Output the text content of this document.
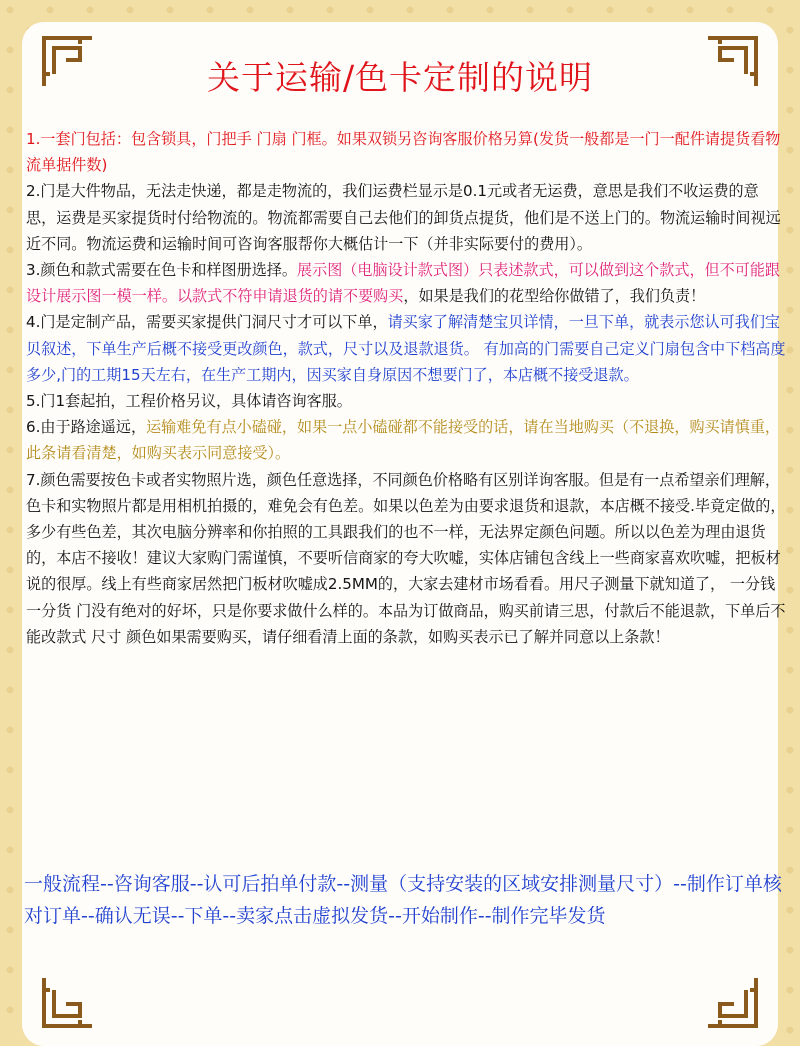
关于运输/色卡定制的说明

1.一套门包括：包含锁具，门把手 门扇 门框。如果双锁另咨询客服价格另算(发货一般都是一门一配件请提货看物流单据件数)

2.门是大件物品，无法走快递，都是走物流的，我们运费栏显示是0.1元或者无运费，意思是我们不收运费的意思，运费是买家提货时付给物流的。物流都需要自己去他们的卸货点提货，他们是不送上门的。物流运输时间视远近不同。物流运费和运输时间可咨询客服帮你大概估计一下（并非实际要付的费用）。

3.颜色和款式需要在色卡和样图册选择。展示图（电脑设计款式图）只表述款式，可以做到这个款式，但不可能跟设计展示图一模一样。以款式不符申请退货的请不要购买，如果是我们的花型给你做错了，我们负责！

4.门是定制产品，需要买家提供门洞尺寸才可以下单，请买家了解清楚宝贝详情，一旦下单，就表示您认可我们宝贝叙述，下单生产后概不接受更改颜色，款式，尺寸以及退款退货。 有加高的门需要自己定义门扇包含中下档高度多少,门的工期15天左右，在生产工期内，因买家自身原因不想要门了，本店概不接受退款。

5.门1套起拍，工程价格另议，具体请咨询客服。

6.由于路途遥远，运输难免有点小磕碰，如果一点小磕碰都不能接受的话，请在当地购买（不退换，购买请慎重，此条请看清楚，如购买表示同意接受）。

7.颜色需要按色卡或者实物照片选，颜色任意选择，不同颜色价格略有区别详询客服。但是有一点希望亲们理解，色卡和实物照片都是用相机拍摄的，难免会有色差。如果以色差为由要求退货和退款，本店概不接受.毕竟定做的，多少有些色差，其次电脑分辨率和你拍照的工具跟我们的也不一样，无法界定颜色问题。所以以色差为理由退货的，本店不接收！建议大家购门需谨慎，不要听信商家的夸大吹嘘，实体店铺包含线上一些商家喜欢吹嘘，把板材说的很厚。线上有些商家居然把门板材吹嘘成2.5MM的，大家去建材市场看看。用尺子测量下就知道了， 一分钱一分货 门没有绝对的好坏，只是你要求做什么样的。本品为订做商品，购买前请三思，付款后不能退款，下单后不能改款式 尺寸 颜色如果需要购买，请仔细看清上面的条款，如购买表示已了解并同意以上条款！

一般流程--咨询客服--认可后拍单付款--测量（支持安装的区域安排测量尺寸）--制作订单核对订单--确认无误--下单--卖家点击虚拟发货--开始制作--制作完毕发货
